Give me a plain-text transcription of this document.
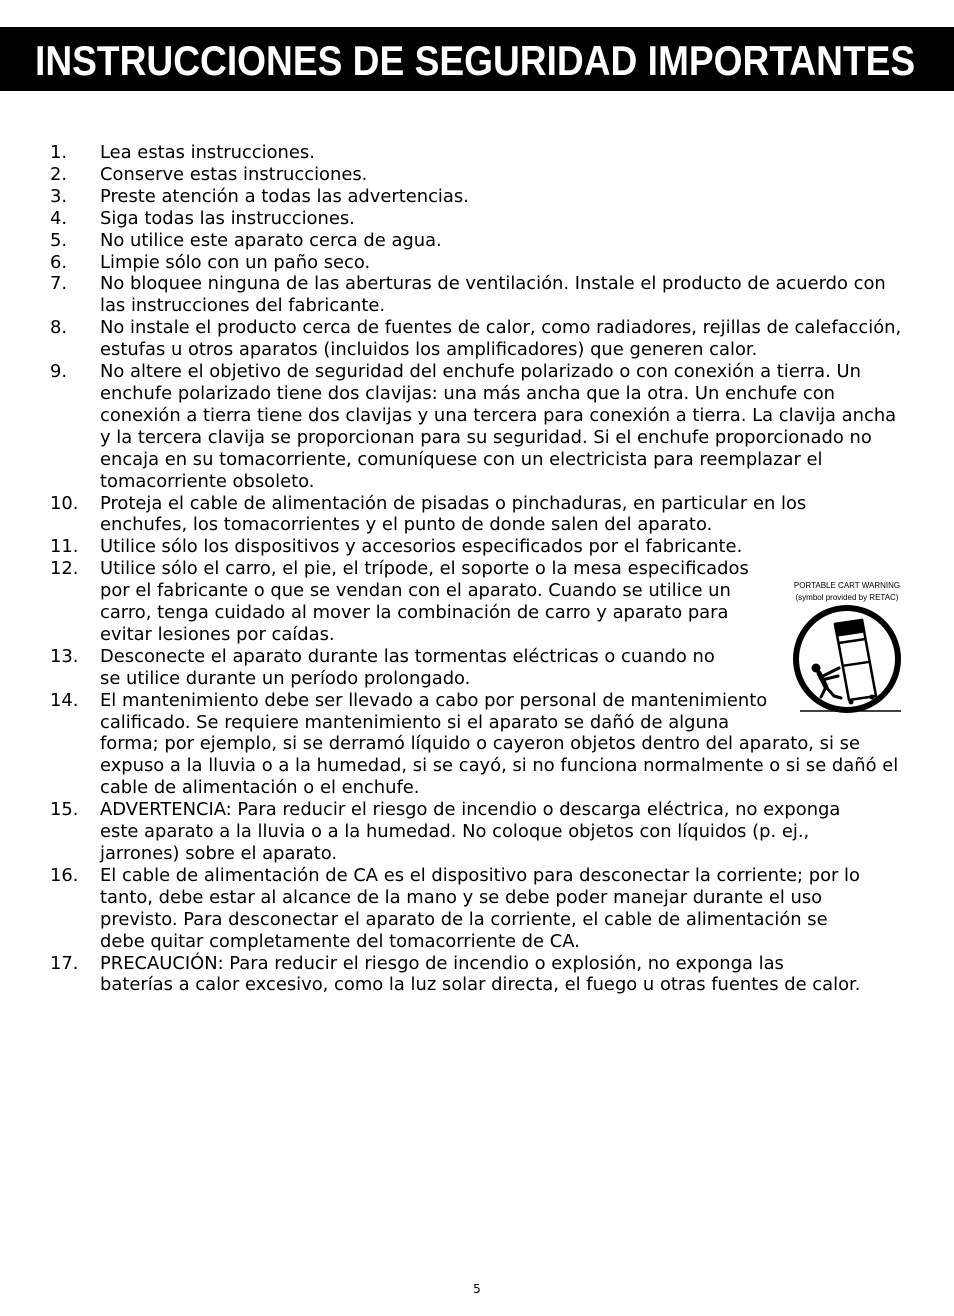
INSTRUCCIONES DE SEGURIDAD IMPORTANTES
1. Lea estas instrucciones.
2. Conserve estas instrucciones.
3. Preste atención a todas las advertencias.
4. Siga todas las instrucciones.
5. No utilice este aparato cerca de agua.
6. Limpie sólo con un paño seco.
7. No bloquee ninguna de las aberturas de ventilación. Instale el producto de acuerdo con
las instrucciones del fabricante.
8. No instale el producto cerca de fuentes de calor, como radiadores, rejillas de calefacción,
estufas u otros aparatos (incluidos los amplificadores) que generen calor.
9. No altere el objetivo de seguridad del enchufe polarizado o con conexión a tierra. Un
enchufe polarizado tiene dos clavijas: una más ancha que la otra. Un enchufe con
conexión a tierra tiene dos clavijas y una tercera para conexión a tierra. La clavija ancha
y la tercera clavija se proporcionan para su seguridad. Si el enchufe proporcionado no
encaja en su tomacorriente, comuníquese con un electricista para reemplazar el
tomacorriente obsoleto.
10. Proteja el cable de alimentación de pisadas o pinchaduras, en particular en los
enchufes, los tomacorrientes y el punto de donde salen del aparato.
11. Utilice sólo los dispositivos y accesorios especificados por el fabricante.
12. Utilice sólo el carro, el pie, el trípode, el soporte o la mesa especificados
por el fabricante o que se vendan con el aparato. Cuando se utilice un
carro, tenga cuidado al mover la combinación de carro y aparato para
evitar lesiones por caídas.
13. Desconecte el aparato durante las tormentas eléctricas o cuando no
se utilice durante un período prolongado.
14. El mantenimiento debe ser llevado a cabo por personal de mantenimiento
calificado. Se requiere mantenimiento si el aparato se dañó de alguna
forma; por ejemplo, si se derramó líquido o cayeron objetos dentro del aparato, si se
expuso a la lluvia o a la humedad, si se cayó, si no funciona normalmente o si se dañó el
cable de alimentación o el enchufe.
15. ADVERTENCIA: Para reducir el riesgo de incendio o descarga eléctrica, no exponga
este aparato a la lluvia o a la humedad. No coloque objetos con líquidos (p. ej.,
jarrones) sobre el aparato.
16. El cable de alimentación de CA es el dispositivo para desconectar la corriente; por lo
tanto, debe estar al alcance de la mano y se debe poder manejar durante el uso
previsto. Para desconectar el aparato de la corriente, el cable de alimentación se
debe quitar completamente del tomacorriente de CA.
17. PRECAUCIÓN: Para reducir el riesgo de incendio o explosión, no exponga las
baterías a calor excesivo, como la luz solar directa, el fuego u otras fuentes de calor.
PORTABLE CART WARNING
(symbol provided by RETAC)
5
